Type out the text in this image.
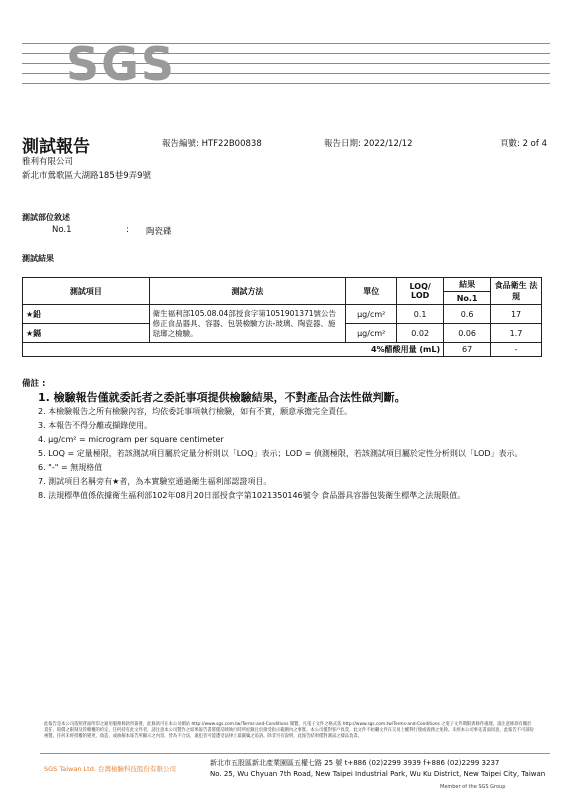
SGS
測試報告	報告編號: HTF22B00838	報告日期: 2022/12/12	頁數: 2 of 4
雅利有限公司
新北市鶯歌區大湖路185巷9弄9號
測試部位敘述
No.1	: 陶瓷碟
測試結果
測試項目	測試方法	單位	LOQ/ LOD	結果	食品衛生 法規
				No.1	
★鉛	衛生福利部105.08.04部授食字第1051901371號公告修正食品器具、容器、包裝檢驗方法-玻璃、陶瓷器、施琺瑯之檢驗。	μg/cm²	0.1	0.6	17
★鎘		μg/cm²	0.02	0.06	1.7
4%醋酸用量 (mL)				67	-
備註 :
1. 檢驗報告僅就委託者之委託事項提供檢驗結果，不對產品合法性做判斷。
2. 本檢驗報告之所有檢驗內容，均依委託事項執行檢驗，如有不實，願意承擔完全責任。
3. 本報告不得分離或擷錄使用。
4. μg/cm² = microgram per square centimeter
5. LOQ = 定量極限，若該測試項目屬於定量分析則以「LOQ」表示；LOD = 偵測極限，若該測試項目屬於定性分析則以「LOD」表示。
6. "-" = 無規格值
7. 測試項目名稱旁有★者，為本實驗室通過衛生福利部認證項目。
8. 法規標準值係依據衛生福利部102年08月20日部授食字第1021350146號令 食品器具容器包裝衛生標準之法規限值。
此報告是本公司依照背面所印之通用服務條款所簽發，此條款可在本公司網站 http://www.sgs.com.tw/Terms-and-Conditions 閱覽，凡電子文件之格式依 http://www.sgs.com.tw/Terms-and-Conditions 之電子文件期限與條件處理。請注意條款有關於責任、賠償之限制及管轄權的約定。任何持有此文件者，請注意本公司製作之結果報告書將僅反映執行時所紀錄且於接受指示範圍內之事實。本公司僅對客戶負責，此文件不妨礙文件在交易上權利行使或義務之免除。未經本公司事先書面同意，此報告不可部份複製。任何未經授權的變更、偽造、或曲解本報告所顯示之內容，皆為不合法，違犯者可能遭受法律上最嚴厲之追訴。除非另有說明，此報告結果僅對測試之樣品負責。
SGS Taiwan Ltd. 台灣檢驗科技股份有限公司
新北市五股區新北產業園區五權七路 25 號 t+886 (02)2299 3939 f+886 (02)2299 3237
No. 25, Wu Chyuan 7th Road, New Taipei Industrial Park, Wu Ku District, New Taipei City, Taiwan
Member of the SGS Group
